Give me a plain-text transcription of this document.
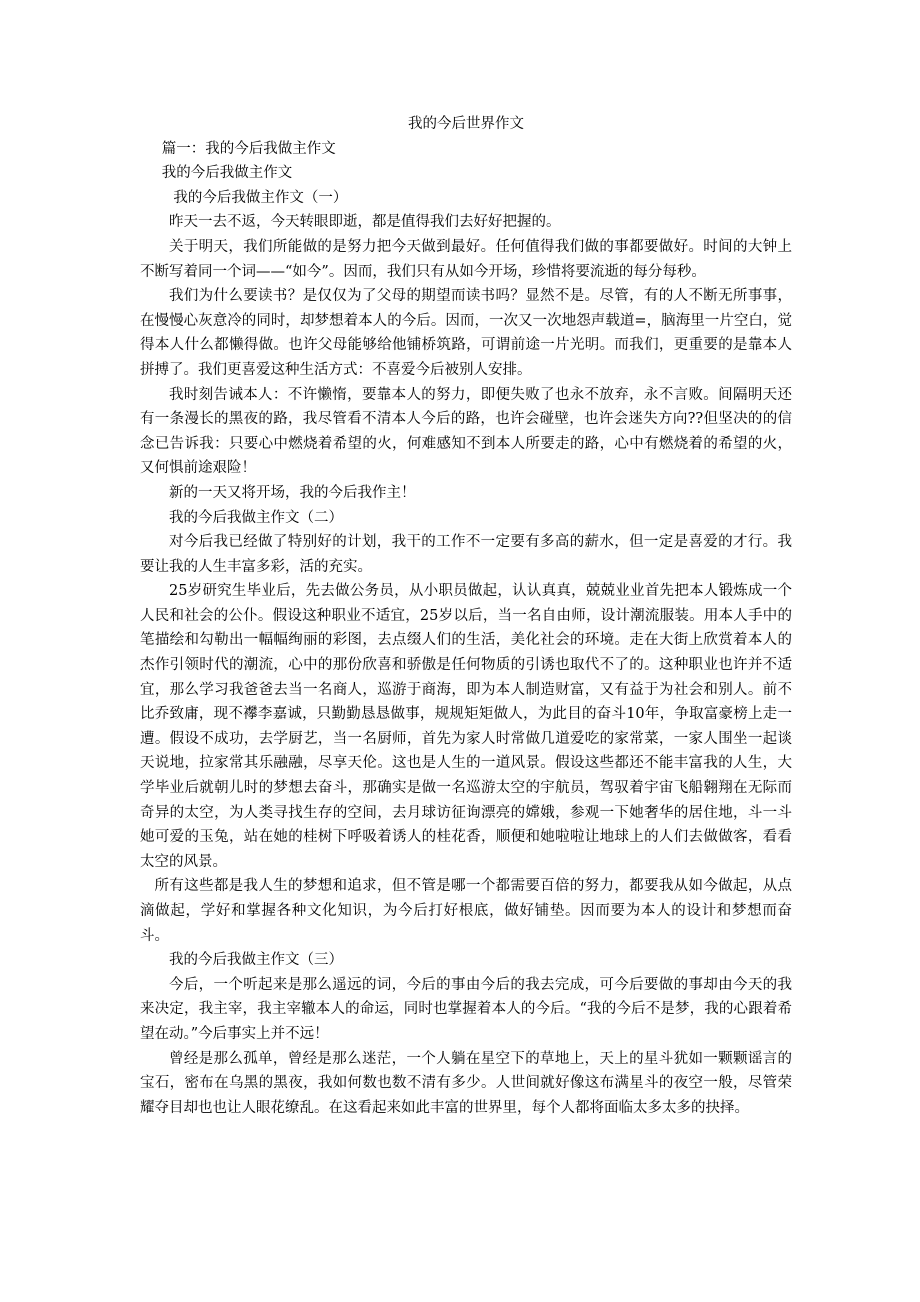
我的今后世界作文

篇一：我的今后我做主作文

我的今后我做主作文

我的今后我做主作文（一）

昨天一去不返，今天转眼即逝，都是值得我们去好好把握的。

关于明天，我们所能做的是努力把今天做到最好。任何值得我们做的事都要做好。时间的大钟上不断写着同一个词——“如今”。因而，我们只有从如今开场，珍惜将要流逝的每分每秒。

我们为什么要读书？是仅仅为了父母的期望而读书吗？显然不是。尽管，有的人不断无所事事，在慢慢心灰意冷的同时，却梦想着本人的今后。因而，一次又一次地怨声载道=，脑海里一片空白，觉得本人什么都懒得做。也许父母能够给他铺桥筑路，可谓前途一片光明。而我们，更重要的是靠本人拼搏了。我们更喜爱这种生活方式：不喜爱今后被别人安排。

我时刻告诫本人：不许懒惰，要靠本人的努力，即便失败了也永不放弃，永不言败。间隔明天还有一条漫长的黑夜的路，我尽管看不清本人今后的路，也许会碰壁，也许会迷失方向??但坚决的的信念已告诉我：只要心中燃烧着希望的火，何难感知不到本人所要走的路，心中有燃烧着的希望的火，又何惧前途艰险！

新的一天又将开场，我的今后我作主！

我的今后我做主作文（二）

对今后我已经做了特别好的计划，我干的工作不一定要有多高的薪水，但一定是喜爱的才行。我要让我的人生丰富多彩，活的充实。

25岁研究生毕业后，先去做公务员，从小职员做起，认认真真，兢兢业业首先把本人锻炼成一个人民和社会的公仆。假设这种职业不适宜，25岁以后，当一名自由师，设计潮流服装。用本人手中的笔描绘和勾勒出一幅幅绚丽的彩图，去点缀人们的生活，美化社会的环境。走在大街上欣赏着本人的杰作引领时代的潮流，心中的那份欣喜和骄傲是任何物质的引诱也取代不了的。这种职业也许并不适宜，那么学习我爸爸去当一名商人，巡游于商海，即为本人制造财富，又有益于为社会和别人。前不比乔致庸，现不襻李嘉诚，只勤勤恳恳做事，规规矩矩做人，为此目的奋斗10年，争取富豪榜上走一遭。假设不成功，去学厨艺，当一名厨师，首先为家人时常做几道爱吃的家常菜，一家人围坐一起谈天说地，拉家常其乐融融，尽享天伦。这也是人生的一道风景。假设这些都还不能丰富我的人生，大学毕业后就朝儿时的梦想去奋斗，那确实是做一名巡游太空的宇航员，驾驭着宇宙飞船翱翔在无际而奇异的太空，为人类寻找生存的空间，去月球访征询漂亮的嫦娥，参观一下她奢华的居住地，斗一斗她可爱的玉兔，站在她的桂树下呼吸着诱人的桂花香，顺便和她啦啦让地球上的人们去做做客，看看太空的风景。

所有这些都是我人生的梦想和追求，但不管是哪一个都需要百倍的努力，都要我从如今做起，从点滴做起，学好和掌握各种文化知识，为今后打好根底，做好铺垫。因而要为本人的设计和梦想而奋斗。

我的今后我做主作文（三）

今后，一个听起来是那么遥远的词，今后的事由今后的我去完成，可今后要做的事却由今天的我来决定，我主宰，我主宰辙本人的命运，同时也掌握着本人的今后。“我的今后不是梦，我的心跟着希望在动。”今后事实上并不远！

曾经是那么孤单，曾经是那么迷茫，一个人躺在星空下的草地上，天上的星斗犹如一颗颗谣言的宝石，密布在乌黑的黑夜，我如何数也数不清有多少。人世间就好像这布满星斗的夜空一般，尽管荣耀夺目却也也让人眼花缭乱。在这看起来如此丰富的世界里，每个人都将面临太多太多的抉择。
